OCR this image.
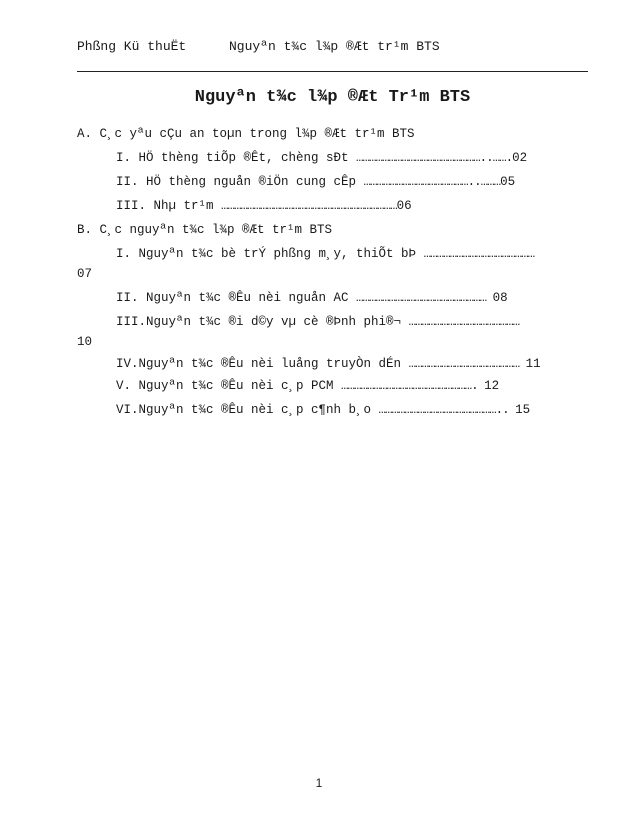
Phßng Kü thuËt	Nguyªn t¾c l¾p ®Æt tr¹m BTS
Nguyªn t¾c l¾p ®Æt Tr¹m BTS
A. C¸c yªu cÇu an toµn trong l¾p ®Æt tr¹m BTS
I. HÖ thèng tiÕp ®Êt, chèng sÐt …………………………………………………..…….02
II. HÖ thèng nguån ®iÖn cung cÊp …………………………………………..………05
III. Nhµ tr¹m ………………………………………………………………………06
B. C¸c nguyªn t¾c l¾p ®Æt tr¹m BTS
I. Nguyªn t¾c bè trÝ phßng m¸y, thiÕt bÞ ……………………………………………
07
II. Nguyªn t¾c ®Êu nèi nguån AC …………………………………………………… 08
III.Nguyªn t¾c ®i d©y vµ cè ®Þnh phi®¬ ……………………………………………
10
IV.Nguyªn t¾c ®Êu nèi luång truyÒn dÉn …………………………………………… 11
V. Nguyªn t¾c ®Êu nèi c¸p PCM ……………………………………………………. 12
VI.Nguyªn t¾c ®Êu nèi c¸p c¶nh b¸o ……………………………………………….. 15
1
